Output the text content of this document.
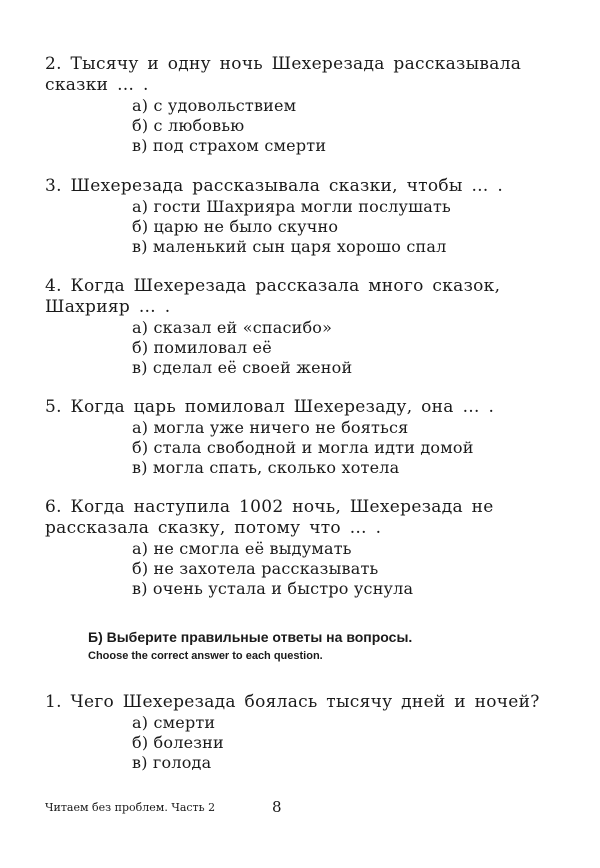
2. Тысячу и одну ночь Шехерезада рассказывала
сказки … .
а) с удовольствием
б) с любовью
в) под страхом смерти
3. Шехерезада рассказывала сказки, чтобы … .
а) гости Шахрияра могли послушать
б) царю не было скучно
в) маленький сын царя хорошо спал
4. Когда Шехерезада рассказала много сказок,
Шахрияр … .
а) сказал ей «спасибо»
б) помиловал её
в) сделал её своей женой
5. Когда царь помиловал Шехерезаду, она … .
а) могла уже ничего не бояться
б) стала свободной и могла идти домой
в) могла спать, сколько хотела
6. Когда наступила 1002 ночь, Шехерезада не
рассказала сказку, потому что … .
а) не смогла её выдумать
б) не захотела рассказывать
в) очень устала и быстро уснула
Б) Выберите правильные ответы на вопросы.
Choose the correct answer to each question.
1. Чего Шехерезада боялась тысячу дней и ночей?
а) смерти
б) болезни
в) голода
Читаем без проблем. Часть 2	8
